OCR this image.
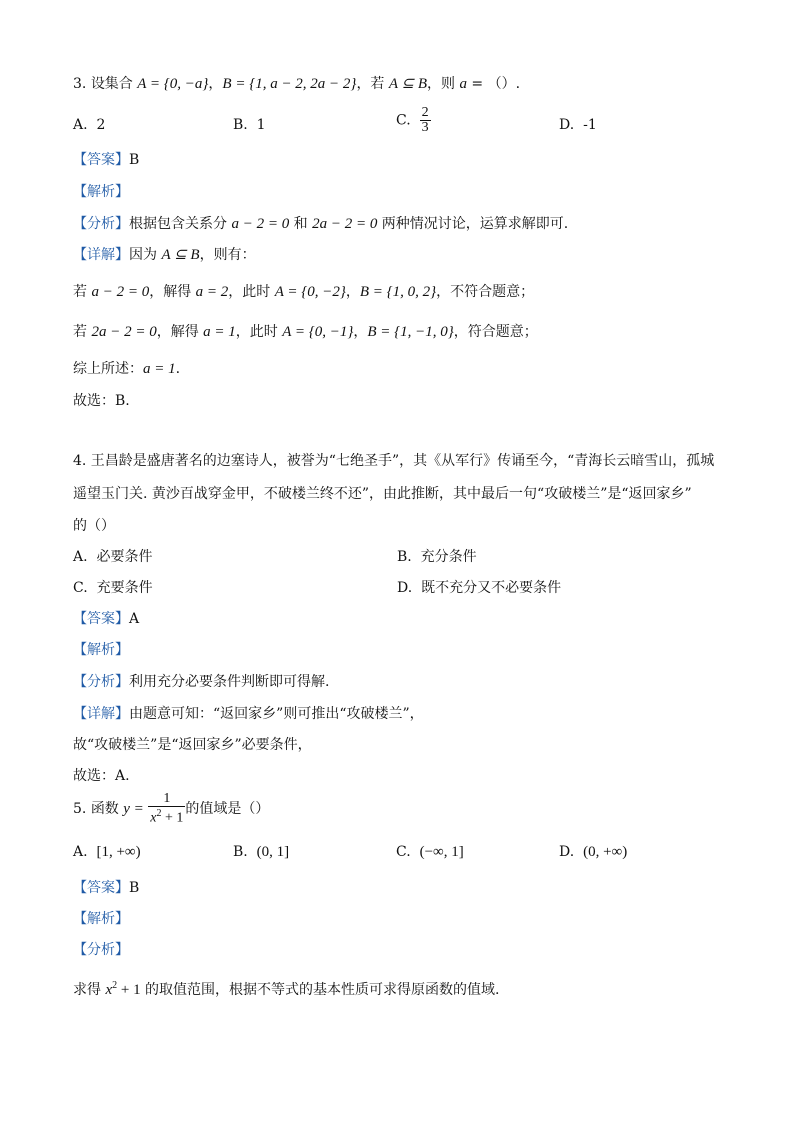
3. 设集合 A = {0, −a}，B = {1, a − 2, 2a − 2}，若 A ⊆ B，则 a = （）.
A. 2	B. 1	C. $\frac{2}{3}$	D. -1
【答案】B
【解析】
【分析】根据包含关系分 a − 2 = 0 和 2a − 2 = 0 两种情况讨论，运算求解即可.
【详解】因为 A ⊆ B，则有：
若 a − 2 = 0，解得 a = 2，此时 A = {0, −2}，B = {1, 0, 2}，不符合题意；
若 2a − 2 = 0，解得 a = 1，此时 A = {0, −1}，B = {1, −1, 0}，符合题意；
综上所述：a = 1.
故选：B.
4. 王昌龄是盛唐著名的边塞诗人，被誉为“七绝圣手”，其《从军行》传诵至今，“青海长云暗雪山，孤城
遥望玉门关. 黄沙百战穿金甲，不破楼兰终不还”，由此推断，其中最后一句“攻破楼兰”是“返回家乡”
的（）
A. 必要条件	B. 充分条件
C. 充要条件	D. 既不充分又不必要条件
【答案】A
【解析】
【分析】利用充分必要条件判断即可得解.
【详解】由题意可知：“返回家乡”则可推出“攻破楼兰”，
故“攻破楼兰”是“返回家乡”必要条件，
故选：A.
5. 函数 $y = \frac{1}{x^2 + 1}$ 的值域是（）
A. [1, +∞)	B. (0, 1]	C. (−∞, 1]	D. (0, +∞)
【答案】B
【解析】
【分析】
求得 $x^2 + 1$ 的取值范围，根据不等式的基本性质可求得原函数的值域.
